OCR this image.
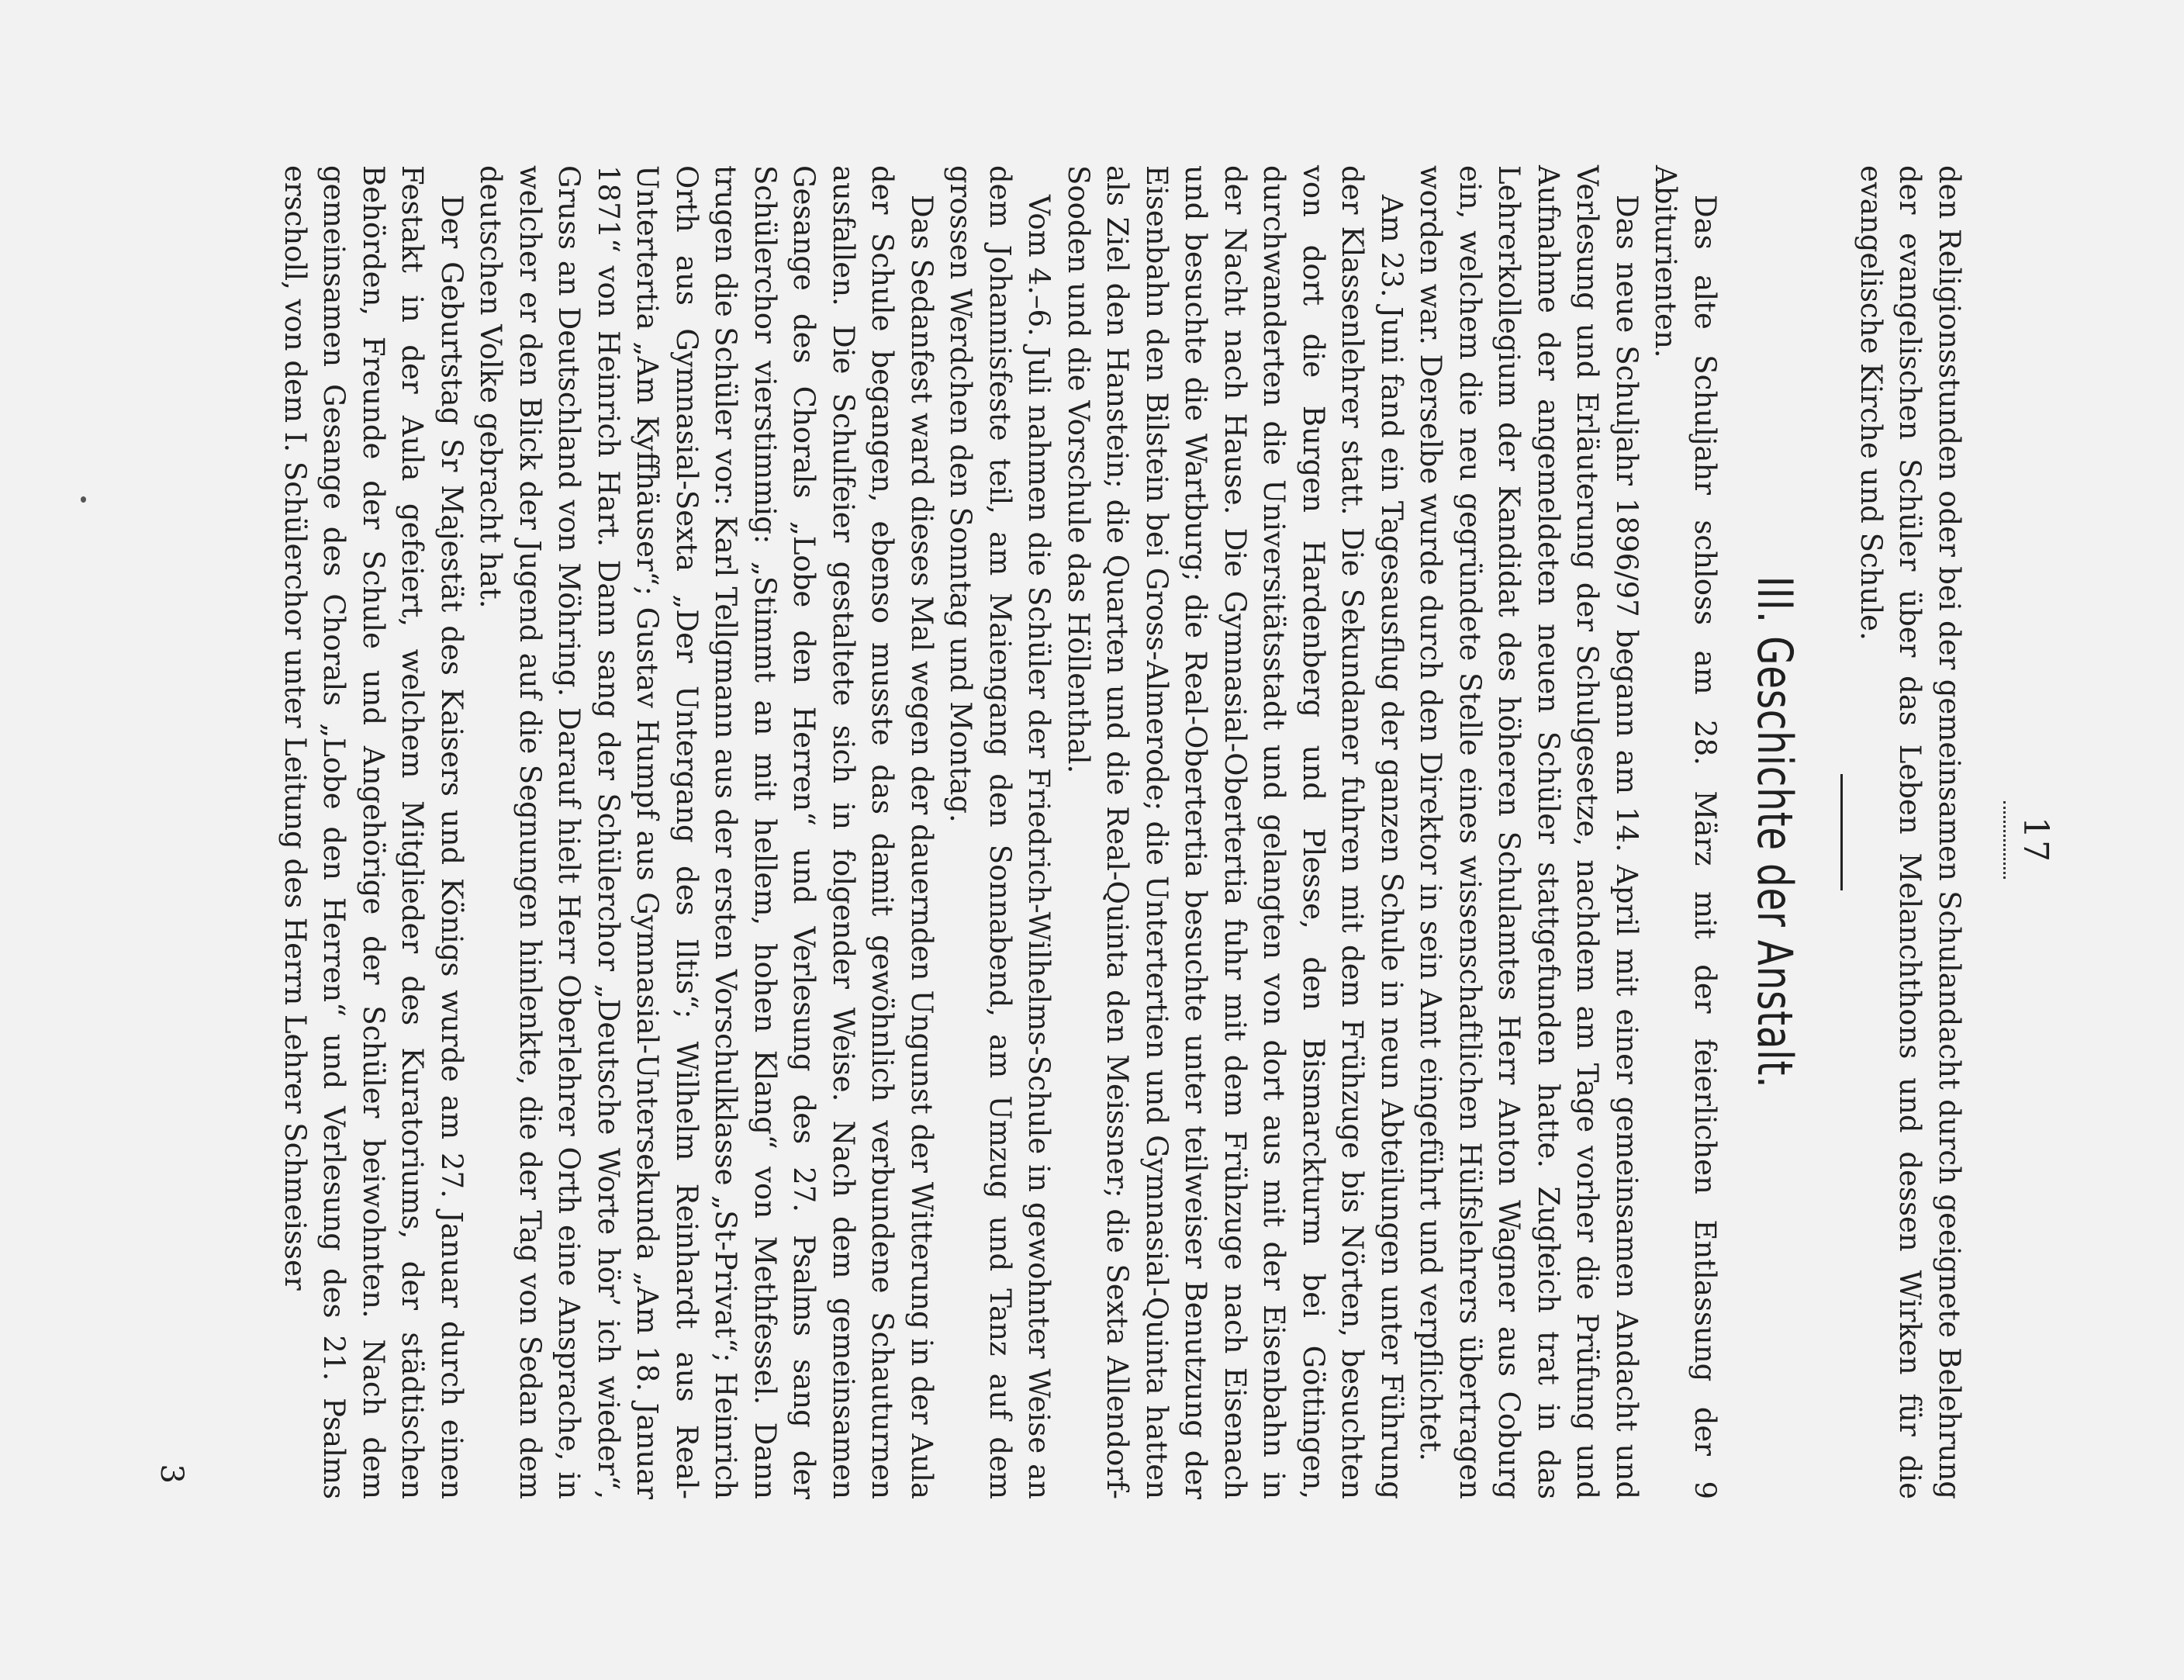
17

den Religionsstunden oder bei der gemeinsamen Schulandacht durch geeignete Belehrung der evangelischen Schüler über das Leben Melanchthons und dessen Wirken für die evangelische Kirche und Schule.

III. Geschichte der Anstalt.

Das alte Schuljahr schloss am 28. März mit der feierlichen Entlassung der 9 Abiturienten.

Das neue Schuljahr 1896/97 begann am 14. April mit einer gemeinsamen Andacht und Verlesung und Erläuterung der Schulgesetze, nachdem am Tage vorher die Prüfung und Aufnahme der angemeldeten neuen Schüler stattgefunden hatte. Zugleich trat in das Lehrerkollegium der Kandidat des höheren Schulamtes Herr Anton Wagner aus Coburg ein, welchem die neu gegründete Stelle eines wissenschaftlichen Hülfslehrers übertragen worden war. Derselbe wurde durch den Direktor in sein Amt eingeführt und verpflichtet.

Am 23. Juni fand ein Tagesausflug der ganzen Schule in neun Abteilungen unter Führung der Klassenlehrer statt. Die Sekundaner fuhren mit dem Frühzuge bis Nörten, besuchten von dort die Burgen Hardenberg und Plesse, den Bismarckturm bei Göttingen, durchwanderten die Universitätsstadt und gelangten von dort aus mit der Eisenbahn in der Nacht nach Hause. Die Gymnasial-Obertertia fuhr mit dem Frühzuge nach Eisenach und besuchte die Wartburg; die Real-Obertertia besuchte unter teilweiser Benutzung der Eisenbahn den Bilstein bei Gross-Almerode; die Untertertien und Gymnasial-Quinta hatten als Ziel den Hanstein; die Quarten und die Real-Quinta den Meissner; die Sexta Allendorf-Sooden und die Vorschule das Höllenthal.

Vom 4.–6. Juli nahmen die Schüler der Friedrich-Wilhelms-Schule in gewohnter Weise an dem Johannisfeste teil, am Maiengang den Sonnabend, am Umzug und Tanz auf dem grossen Werdchen den Sonntag und Montag.

Das Sedanfest ward dieses Mal wegen der dauernden Ungunst der Witterung in der Aula der Schule begangen, ebenso musste das damit gewöhnlich verbundene Schauturnen ausfallen. Die Schulfeier gestaltete sich in folgender Weise. Nach dem gemeinsamen Gesange des Chorals „Lobe den Herren“ und Verlesung des 27. Psalms sang der Schülerchor vierstimmig: „Stimmt an mit hellem, hohen Klang“ von Methfessel. Dann trugen die Schüler vor: Karl Tellgmann aus der ersten Vorschulklasse „St-Privat“; Heinrich Orth aus Gymnasial-Sexta „Der Untergang des Iltis“; Wilhelm Reinhardt aus Real-Untertertia „Am Kyffhäuser“; Gustav Humpf aus Gymnasial-Untersekunda „Am 18. Januar 1871“ von Heinrich Hart. Dann sang der Schülerchor „Deutsche Worte hör’ ich wieder“, Gruss an Deutschland von Möhring. Darauf hielt Herr Oberlehrer Orth eine Ansprache, in welcher er den Blick der Jugend auf die Segnungen hinlenkte, die der Tag von Sedan dem deutschen Volke gebracht hat.

Der Geburtstag Sr Majestät des Kaisers und Königs wurde am 27. Januar durch einen Festakt in der Aula gefeiert, welchem Mitglieder des Kuratoriums, der städtischen Behörden, Freunde der Schule und Angehörige der Schüler beiwohnten. Nach dem gemeinsamen Gesange des Chorals „Lobe den Herren“ und Verlesung des 21. Psalms erscholl, von dem I. Schülerchor unter Leitung des Herrn Lehrer Schmeisser

3
